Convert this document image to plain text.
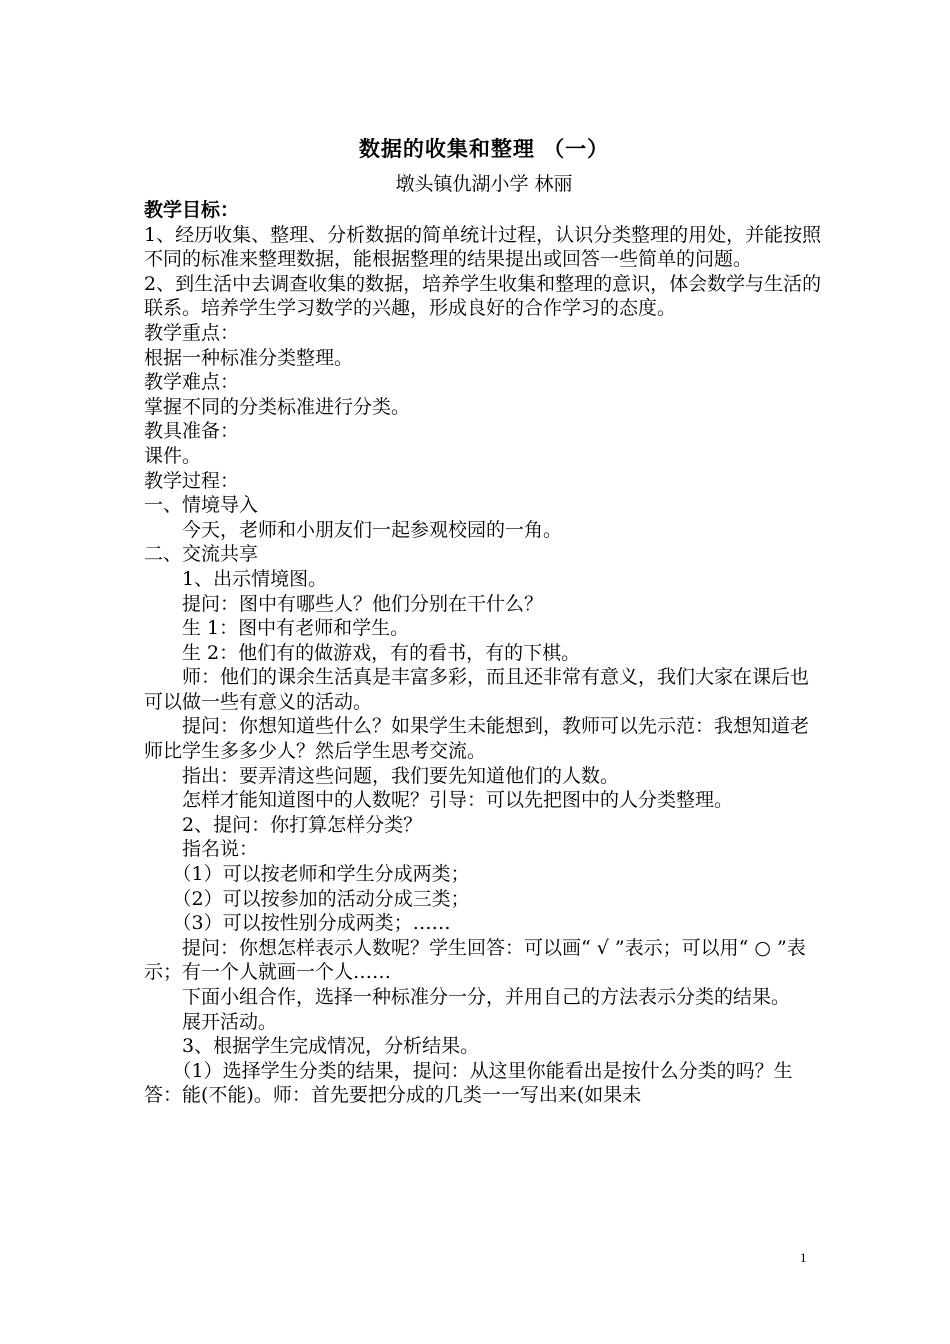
数据的收集和整理 （一）
墩头镇仇湖小学 林丽

教学目标：

1、经历收集、整理、分析数据的简单统计过程，认识分类整理的用处，并能按照不同的标准来整理数据，能根据整理的结果提出或回答一些简单的问题。

2、到生活中去调查收集的数据，培养学生收集和整理的意识，体会数学与生活的联系。培养学生学习数学的兴趣，形成良好的合作学习的态度。

教学重点：

根据一种标准分类整理。

教学难点：

掌握不同的分类标准进行分类。

教具准备：

课件。

教学过程：

一、情境导入

今天，老师和小朋友们一起参观校园的一角。

二、交流共享

1、出示情境图。

提问：图中有哪些人？他们分别在干什么？

生 1：图中有老师和学生。

生 2：他们有的做游戏，有的看书，有的下棋。

师：他们的课余生活真是丰富多彩，而且还非常有意义，我们大家在课后也可以做一些有意义的活动。

提问：你想知道些什么？如果学生未能想到，教师可以先示范：我想知道老师比学生多多少人？然后学生思考交流。

指出：要弄清这些问题，我们要先知道他们的人数。

怎样才能知道图中的人数呢？引导：可以先把图中的人分类整理。

2、提问：你打算怎样分类？

指名说：

（1）可以按老师和学生分成两类；

（2）可以按参加的活动分成三类；

（3）可以按性别分成两类；……

提问：你想怎样表示人数呢？学生回答：可以画“ √ ”表示；可以用“ ○ ”表示；有一个人就画一个人……

下面小组合作，选择一种标准分一分，并用自己的方法表示分类的结果。

展开活动。

3、根据学生完成情况，分析结果。

（1）选择学生分类的结果，提问：从这里你能看出是按什么分类的吗？生答：能(不能)。师：首先要把分成的几类一一写出来(如果未

1
